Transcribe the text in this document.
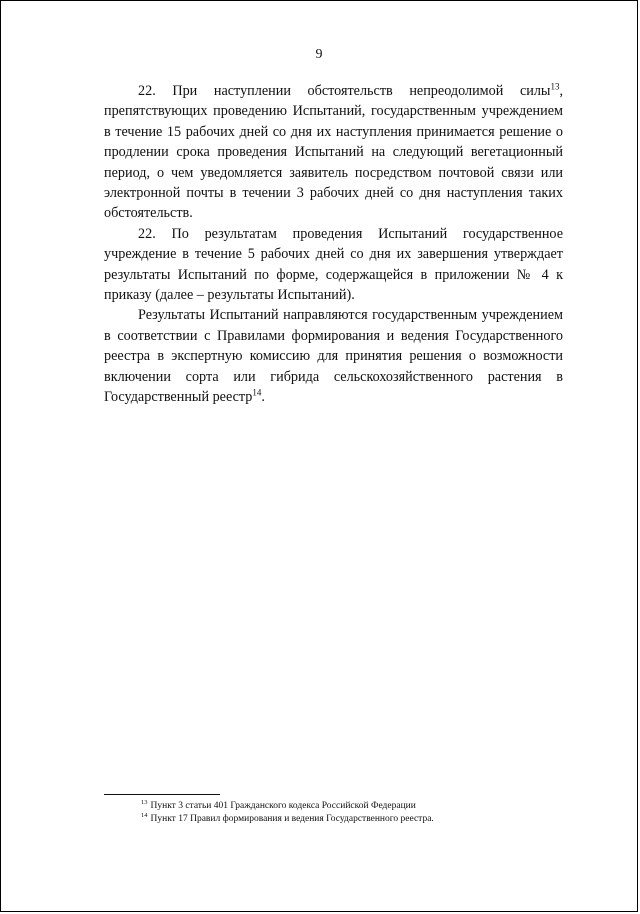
9

22. При наступлении обстоятельств непреодолимой силы$^{13}$, препятствующих проведению Испытаний, государственным учреждением в течение 15 рабочих дней со дня их наступления принимается решение о продлении срока проведения Испытаний на следующий вегетационный период, о чем уведомляется заявитель посредством почтовой связи или электронной почты в течении 3 рабочих дней со дня наступления таких обстоятельств.

22. По результатам проведения Испытаний государственное учреждение в течение 5 рабочих дней со дня их завершения утверждает результаты Испытаний по форме, содержащейся в приложении № 4 к приказу (далее – результаты Испытаний).

Результаты Испытаний направляются государственным учреждением в соответствии с Правилами формирования и ведения Государственного реестра в экспертную комиссию для принятия решения о возможности включении сорта или гибрида сельскохозяйственного растения в Государственный реестр$^{14}$.

$^{13}$ Пункт 3 статьи 401 Гражданского кодекса Российской Федерации

$^{14}$ Пункт 17 Правил формирования и ведения Государственного реестра.
